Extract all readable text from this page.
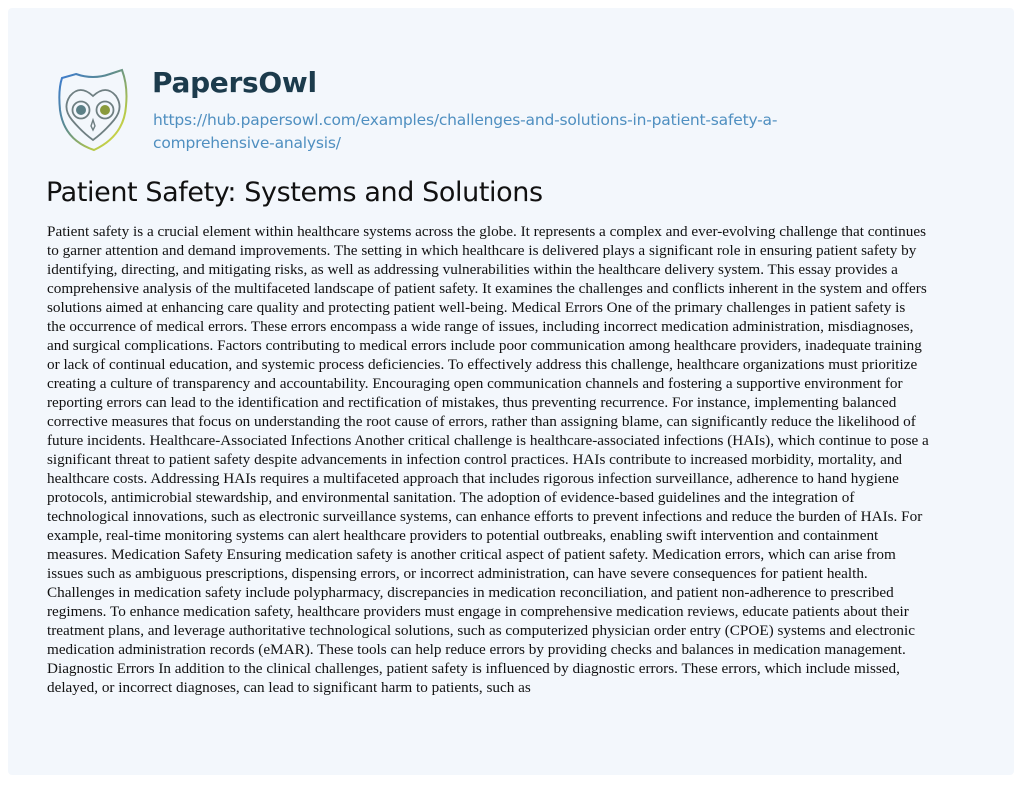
PapersOwl
https://hub.papersowl.com/examples/challenges-and-solutions-in-patient-safety-a-
comprehensive-analysis/
Patient Safety: Systems and Solutions
Patient safety is a crucial element within healthcare systems across the globe. It represents a complex and ever-evolving challenge that continues
to garner attention and demand improvements. The setting in which healthcare is delivered plays a significant role in ensuring patient safety by
identifying, directing, and mitigating risks, as well as addressing vulnerabilities within the healthcare delivery system. This essay provides a
comprehensive analysis of the multifaceted landscape of patient safety. It examines the challenges and conflicts inherent in the system and offers
solutions aimed at enhancing care quality and protecting patient well-being. Medical Errors One of the primary challenges in patient safety is
the occurrence of medical errors. These errors encompass a wide range of issues, including incorrect medication administration, misdiagnoses,
and surgical complications. Factors contributing to medical errors include poor communication among healthcare providers, inadequate training
or lack of continual education, and systemic process deficiencies. To effectively address this challenge, healthcare organizations must prioritize
creating a culture of transparency and accountability. Encouraging open communication channels and fostering a supportive environment for
reporting errors can lead to the identification and rectification of mistakes, thus preventing recurrence. For instance, implementing balanced
corrective measures that focus on understanding the root cause of errors, rather than assigning blame, can significantly reduce the likelihood of
future incidents. Healthcare-Associated Infections Another critical challenge is healthcare-associated infections (HAIs), which continue to pose a
significant threat to patient safety despite advancements in infection control practices. HAIs contribute to increased morbidity, mortality, and
healthcare costs. Addressing HAIs requires a multifaceted approach that includes rigorous infection surveillance, adherence to hand hygiene
protocols, antimicrobial stewardship, and environmental sanitation. The adoption of evidence-based guidelines and the integration of
technological innovations, such as electronic surveillance systems, can enhance efforts to prevent infections and reduce the burden of HAIs. For
example, real-time monitoring systems can alert healthcare providers to potential outbreaks, enabling swift intervention and containment
measures. Medication Safety Ensuring medication safety is another critical aspect of patient safety. Medication errors, which can arise from
issues such as ambiguous prescriptions, dispensing errors, or incorrect administration, can have severe consequences for patient health.
Challenges in medication safety include polypharmacy, discrepancies in medication reconciliation, and patient non-adherence to prescribed
regimens. To enhance medication safety, healthcare providers must engage in comprehensive medication reviews, educate patients about their
treatment plans, and leverage authoritative technological solutions, such as computerized physician order entry (CPOE) systems and electronic
medication administration records (eMAR). These tools can help reduce errors by providing checks and balances in medication management.
Diagnostic Errors In addition to the clinical challenges, patient safety is influenced by diagnostic errors. These errors, which include missed,
delayed, or incorrect diagnoses, can lead to significant harm to patients, such as
